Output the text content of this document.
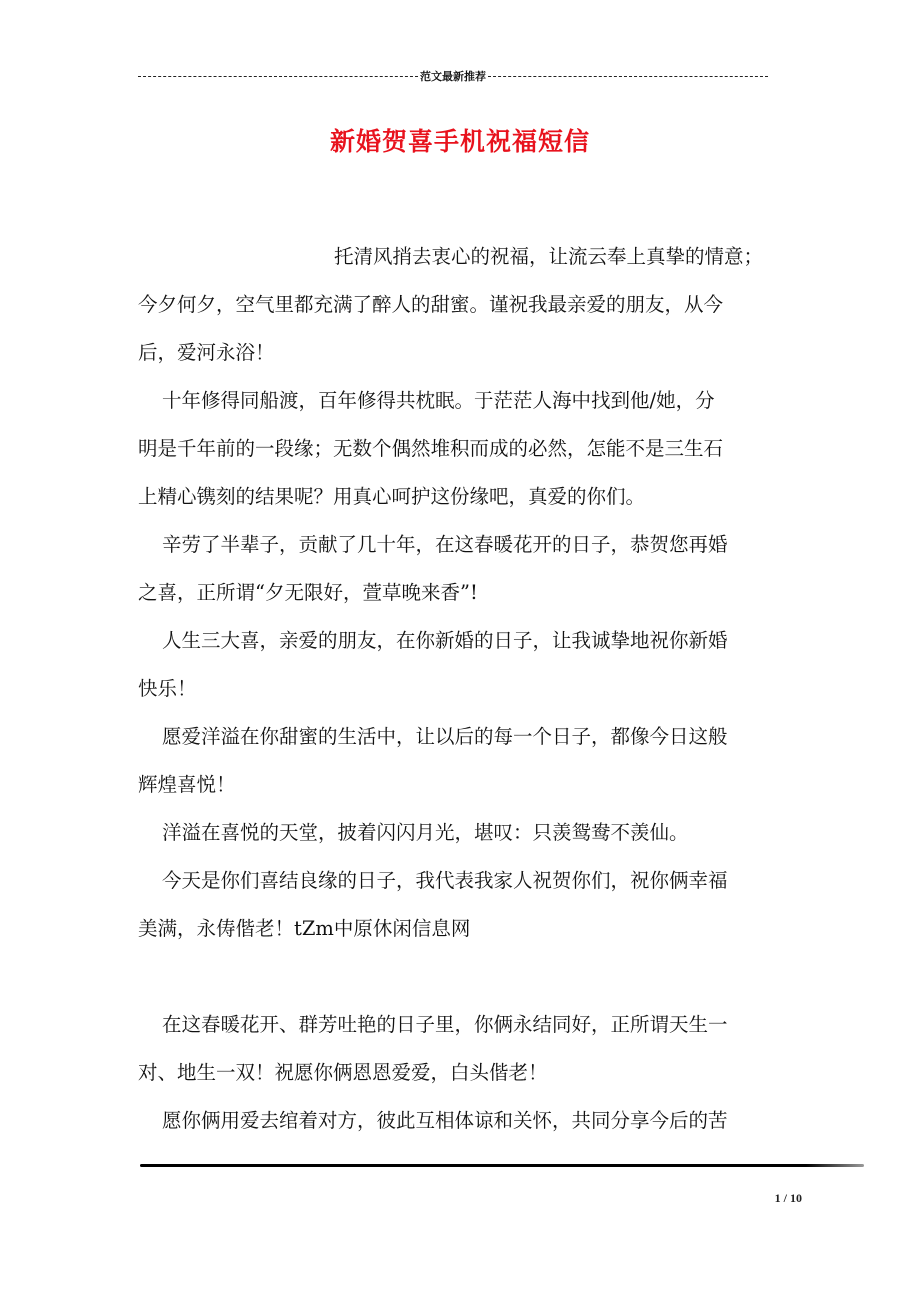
范文最新推荐
新婚贺喜手机祝福短信
托清风捎去衷心的祝福，让流云奉上真挚的情意；
今夕何夕，空气里都充满了醉人的甜蜜。谨祝我最亲爱的朋友，从今
后，爱河永浴！
十年修得同船渡，百年修得共枕眠。于茫茫人海中找到他/她，分
明是千年前的一段缘；无数个偶然堆积而成的必然，怎能不是三生石
上精心镌刻的结果呢？用真心呵护这份缘吧，真爱的你们。
辛劳了半辈子，贡献了几十年，在这春暖花开的日子，恭贺您再婚
之喜，正所谓“夕无限好，萱草晚来香”!
人生三大喜，亲爱的朋友，在你新婚的日子，让我诚挚地祝你新婚
快乐！
愿爱洋溢在你甜蜜的生活中，让以后的每一个日子，都像今日这般
辉煌喜悦！
洋溢在喜悦的天堂，披着闪闪月光，堪叹：只羡鸳鸯不羡仙。
今天是你们喜结良缘的日子，我代表我家人祝贺你们，祝你俩幸福
美满，永俦偕老！tZm中原休闲信息网
在这春暖花开、群芳吐艳的日子里，你俩永结同好，正所谓天生一
对、地生一双！祝愿你俩恩恩爱爱，白头偕老！
愿你俩用爱去绾着对方，彼此互相体谅和关怀，共同分享今后的苦
1 / 10
